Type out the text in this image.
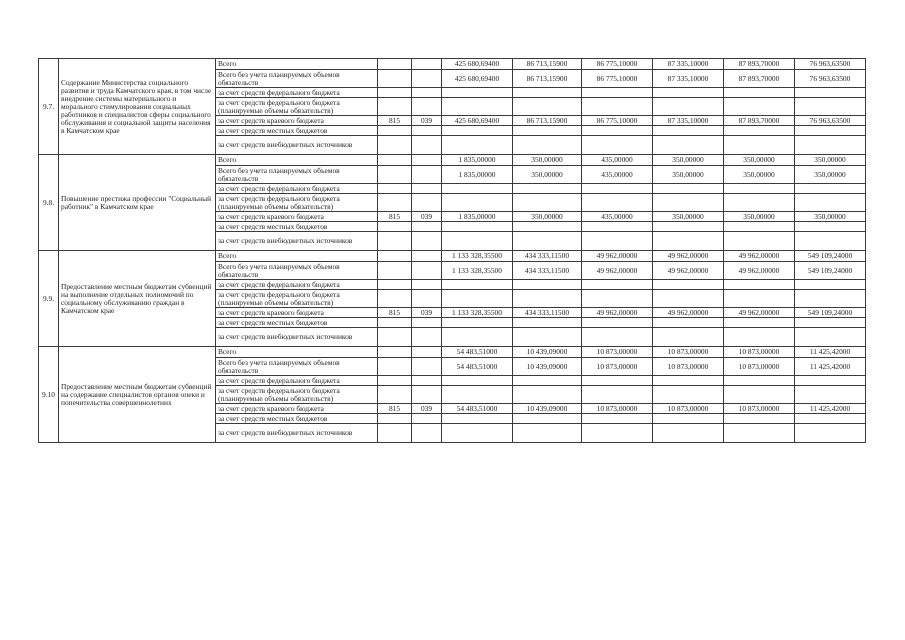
9.7.	Содержание Министерства социального развития и труда Камчатского края, в том числе внедрение системы материального и морального стимулирования социальных работников и специалистов сферы социального обслуживания и социальной защиты населения в Камчатском крае	Всего			425 680,69400	86 713,15900	86 775,10000	87 335,10000	87 893,70000	76 963,63500
		Всего без учета планируемых объемов обязательств			425 680,69400	86 713,15900	86 775,10000	87 335,10000	87 893,70000	76 963,63500
		за счет средств федерального бюджета								
		за счет средств федерального бюджета (планируемые объемы обязательств)								
		за счет средств краевого бюджета	815	039	425 680,69400	86 713,15900	86 775,10000	87 335,10000	87 893,70000	76 963,63500
		за счет средств местных бюджетов								
		за счет средств внебюджетных источников								
9.8.	Повышение престижа профессии "Социальный работник" в Камчатском крае	Всего			1 835,00000	350,00000	435,00000	350,00000	350,00000	350,00000
		Всего без учета планируемых объемов обязательств			1 835,00000	350,00000	435,00000	350,00000	350,00000	350,00000
		за счет средств федерального бюджета								
		за счет средств федерального бюджета (планируемые объемы обязательств)								
		за счет средств краевого бюджета	815	039	1 835,00000	350,00000	435,00000	350,00000	350,00000	350,00000
		за счет средств местных бюджетов								
		за счет средств внебюджетных источников								
9.9.	Предоставление местным бюджетам субвенций на выполнение отдельных полномочий по социальному обслуживанию граждан в Камчатском крае	Всего			1 133 328,35500	434 333,11500	49 962,00000	49 962,00000	49 962,00000	549 109,24000
		Всего без учета планируемых объемов обязательств			1 133 328,35500	434 333,11500	49 962,00000	49 962,00000	49 962,00000	549 109,24000
		за счет средств федерального бюджета								
		за счет средств федерального бюджета (планируемые объемы обязательств)								
		за счет средств краевого бюджета	815	039	1 133 328,35500	434 333,11500	49 962,00000	49 962,00000	49 962,00000	549 109,24000
		за счет средств местных бюджетов								
		за счет средств внебюджетных источников								
9.10	Предоставление местным бюджетам субвенций на содержание специалистов органов опеки и попечительства совершеннолетних	Всего			54 483,51000	10 439,09000	10 873,00000	10 873,00000	10 873,00000	11 425,42000
		Всего без учета планируемых объемов обязательств			54 483,51000	10 439,09000	10 873,00000	10 873,00000	10 873,00000	11 425,42000
		за счет средств федерального бюджета								
		за счет средств федерального бюджета (планируемые объемы обязательств)								
		за счет средств краевого бюджета	815	039	54 483,51000	10 439,09000	10 873,00000	10 873,00000	10 873,00000	11 425,42000
		за счет средств местных бюджетов								
		за счет средств внебюджетных источников								
